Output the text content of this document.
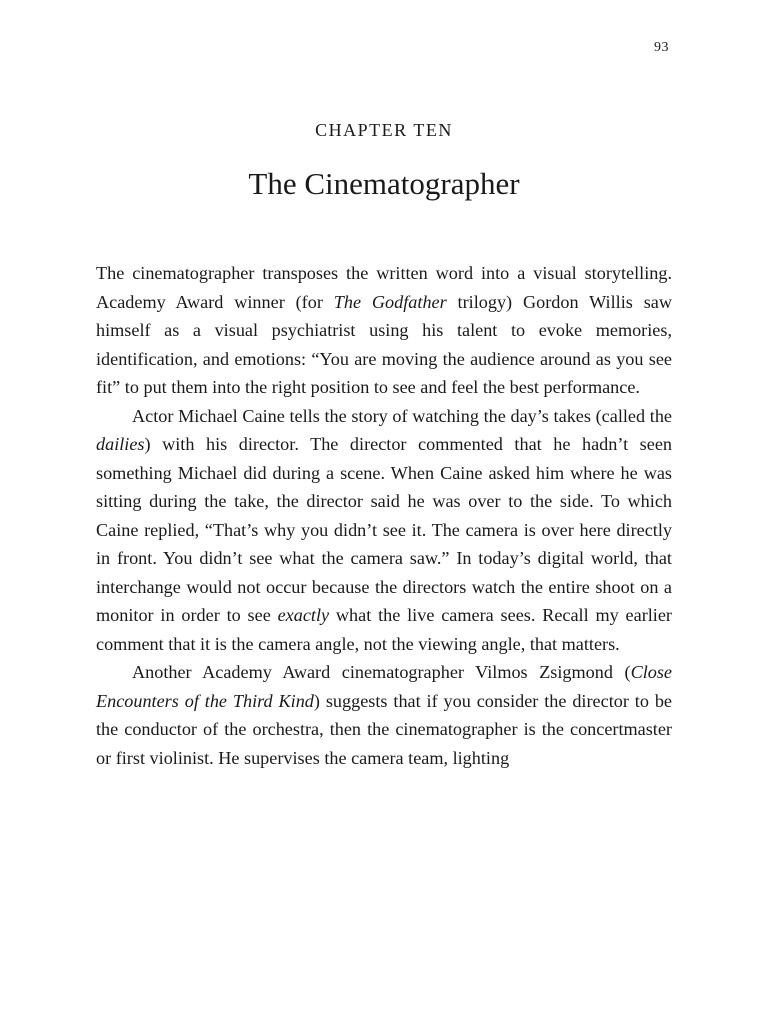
93
CHAPTER TEN
The Cinematographer

The cinematographer transposes the written word into a visual storytelling. Academy Award winner (for The Godfather trilogy) Gordon Willis saw himself as a visual psychiatrist using his talent to evoke memories, identification, and emotions: “You are moving the audience around as you see fit” to put them into the right position to see and feel the best performance.

Actor Michael Caine tells the story of watching the day’s takes (called the dailies) with his director. The director commented that he hadn’t seen something Michael did during a scene. When Caine asked him where he was sitting during the take, the director said he was over to the side. To which Caine replied, “That’s why you didn’t see it. The camera is over here directly in front. You didn’t see what the camera saw.” In today’s digital world, that interchange would not occur because the directors watch the entire shoot on a monitor in order to see exactly what the live camera sees. Recall my earlier comment that it is the camera angle, not the viewing angle, that matters.

Another Academy Award cinematographer Vilmos Zsigmond (Close Encounters of the Third Kind) suggests that if you consider the director to be the conductor of the orchestra, then the cinematographer is the concertmaster or first violinist. He supervises the camera team, lighting
